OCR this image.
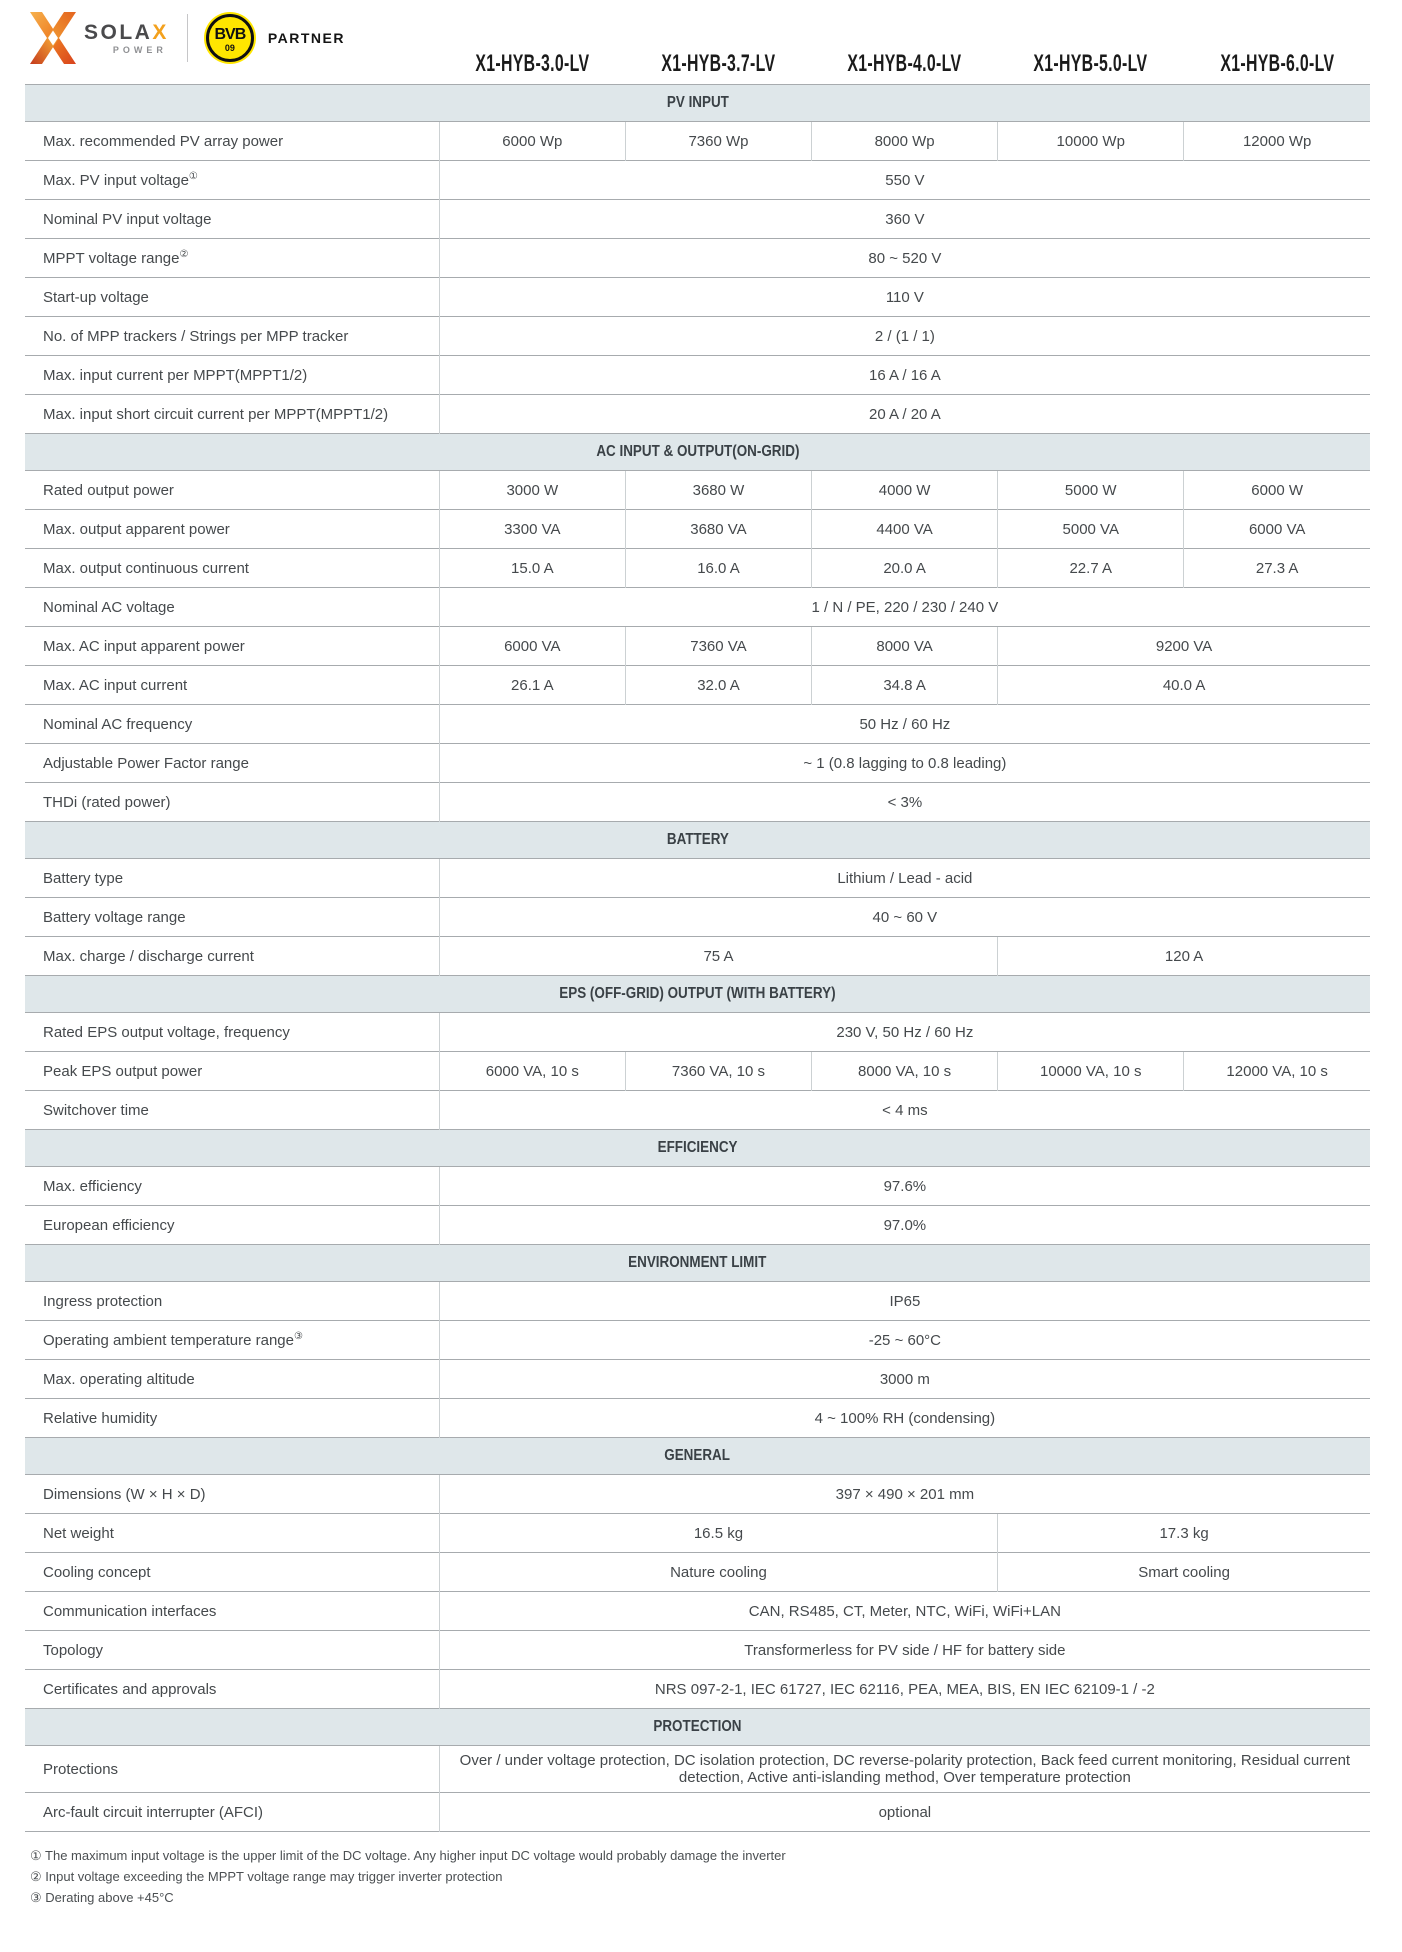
SOLAX
POWER
BVB
09
PARTNER
X1-HYB-3.0-LV	X1-HYB-3.7-LV	X1-HYB-4.0-LV	X1-HYB-5.0-LV	X1-HYB-6.0-LV
PV INPUT					
Max. recommended PV array power	6000 Wp	7360 Wp	8000 Wp	10000 Wp	12000 Wp
Max. PV input voltage①	550 V				
Nominal PV input voltage	360 V				
MPPT voltage range②	80 ~ 520 V				
Start-up voltage	110 V				
No. of MPP trackers / Strings per MPP tracker	2 / (1 / 1)				
Max. input current per MPPT(MPPT1/2)	16 A / 16 A				
Max. input short circuit current per MPPT(MPPT1/2)	20 A / 20 A				
AC INPUT & OUTPUT(ON-GRID)					
Rated output power	3000 W	3680 W	4000 W	5000 W	6000 W
Max. output apparent power	3300 VA	3680 VA	4400 VA	5000 VA	6000 VA
Max. output continuous current	15.0 A	16.0 A	20.0 A	22.7 A	27.3 A
Nominal AC voltage	1 / N / PE, 220 / 230 / 240 V				
Max. AC input apparent power	6000 VA	7360 VA	8000 VA	9200 VA	
Max. AC input current	26.1 A	32.0 A	34.8 A	40.0 A	
Nominal AC frequency	50 Hz / 60 Hz				
Adjustable Power Factor range	~ 1 (0.8 lagging to 0.8 leading)				
THDi (rated power)	< 3%				
BATTERY					
Battery type	Lithium / Lead - acid				
Battery voltage range	40 ~ 60 V				
Max. charge / discharge current	75 A			120 A	
EPS (OFF-GRID) OUTPUT (WITH BATTERY)					
Rated EPS output voltage, frequency	230 V, 50 Hz / 60 Hz				
Peak EPS output power	6000 VA, 10 s	7360 VA, 10 s	8000 VA, 10 s	10000 VA, 10 s	12000 VA, 10 s
Switchover time	< 4 ms				
EFFICIENCY					
Max. efficiency	97.6%				
European efficiency	97.0%				
ENVIRONMENT LIMIT					
Ingress protection	IP65				
Operating ambient temperature range③	-25 ~ 60°C				
Max. operating altitude	3000 m				
Relative humidity	4 ~ 100% RH (condensing)				
GENERAL					
Dimensions (W × H × D)	397 × 490 × 201 mm				
Net weight	16.5 kg			17.3 kg	
Cooling concept	Nature cooling			Smart cooling	
Communication interfaces	CAN, RS485, CT, Meter, NTC, WiFi, WiFi+LAN				
Topology	Transformerless for PV side / HF for battery side				
Certificates and approvals	NRS 097-2-1, IEC 61727, IEC 62116, PEA, MEA, BIS, EN IEC 62109-1 / -2				
PROTECTION					
Protections	Over / under voltage protection, DC isolation protection, DC reverse-polarity protection, Back feed current monitoring, Residual current detection, Active anti-islanding method, Over temperature protection				
Arc-fault circuit interrupter (AFCI)	optional				
① The maximum input voltage is the upper limit of the DC voltage. Any higher input DC voltage would probably damage the inverter
② Input voltage exceeding the MPPT voltage range may trigger inverter protection
③ Derating above +45°C
